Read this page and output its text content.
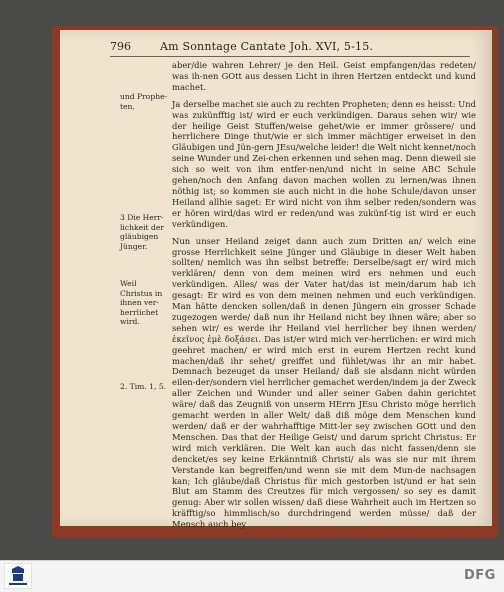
796	Am Sonntage Cantate Joh. XVI, 5-15.
und Prophe-ten,
3 Die Herr-lichkeit der gläubigen Jünger.
Weil Christus in ihnen ver-herrlichet wird.
2. Tim. 1, 5.

aber/die wahren Lehrer/ je den Heil. Geist empfangen/das redeten/ was ih-nen GOtt aus dessen Licht in ihren Hertzen entdeckt und kund machet.

Ja derselbe machet sie auch zu rechten Propheten; denn es heisst: Und was zukünfftig ist/ wird er euch verkündigen. Daraus sehen wir/ wie der heilige Geist Stuffen/weise gehet/wie er immer grössere/ und herrlichere Dinge thut/wie er sich immer mächtiger erweiset in den Gläubigen und Jün-gern JEsu/welche leider! die Welt nicht kennet/noch seine Wunder und Zei-chen erkennen und sehen mag. Denn dieweil sie sich so weit von ihm entfer-nen/und nicht in seine ABC Schule gehen/noch den Anfang davon machen wollen zu lernen/was ihnen nöthig ist; so kommen sie auch nicht in die hohe Schule/davon unser Heiland allhie saget: Er wird nicht von ihm selber reden/sondern was er hören wird/das wird er reden/und was zukünf-tig ist wird er euch verkündigen.

Nun unser Heiland zeiget dann auch zum Dritten an/ welch eine grosse Herrlichkeit seine Jünger und Gläubige in dieser Welt haben sollten/ nemlich was ihn selbst betreffe: Derselbe/sagt er/ wird mich verklären/ denn von dem meinen wird ers nehmen und euch verkündigen. Alles/ was der Vater hat/das ist mein/darum hab ich gesagt: Er wird es von dem meinen nehmen und euch verkündigen. Man hätte dencken sollen/daß in denen Jüngern ein grosser Schade zugezogen werde/ daß nun ihr Heiland nicht bey ihnen wäre; aber so sehen wir/ es werde ihr Heiland viel herrlicher bey ihnen werden/ἐκεῖνος ἐμὲ δοξάσει. Das ist/er wird mich ver-herrlichen: er wird mich geehret machen/ er wird mich erst in eurem Hertzen recht kund machen/daß ihr sehet/ greiffet und fühlet/was ihr an mir habet. Demnach bezeuget da unser Heiland/ daß sie alsdann nicht würden eilen-der/sondern viel herrlicher gemachet werden/indem ja der Zweck aller Zeichen und Wunder und aller seiner Gaben dahin gerichtet wäre/ daß das Zeugniß von unserm HErrn JEsu Christo möge herrlich gemacht werden in aller Welt/ daß diß möge dem Menschen kund werden/ daß er der wahrhafftige Mitt-ler sey zwischen GOtt und den Menschen. Das that der Heilige Geist/ und darum spricht Christus: Er wird mich verklären. Die Welt kan auch das nicht fassen/denn sie dencket/es sey keine Erkänntniß Christi/ als was sie nur mit ihrem Verstande kan begreiffen/und wenn sie mit dem Mun-de nachsagen kan; Ich gläube/daß Christus für mich gestorben ist/und er hat sein Blut am Stamm des Creutzes für mich vergossen/ so sey es damit genug: Aber wir sollen wissen/ daß diese Wahrheit auch im Hertzen so kräfftig/so himmlisch/so durchdringend werden müsse/ daß der Mensch auch bey

DFG
